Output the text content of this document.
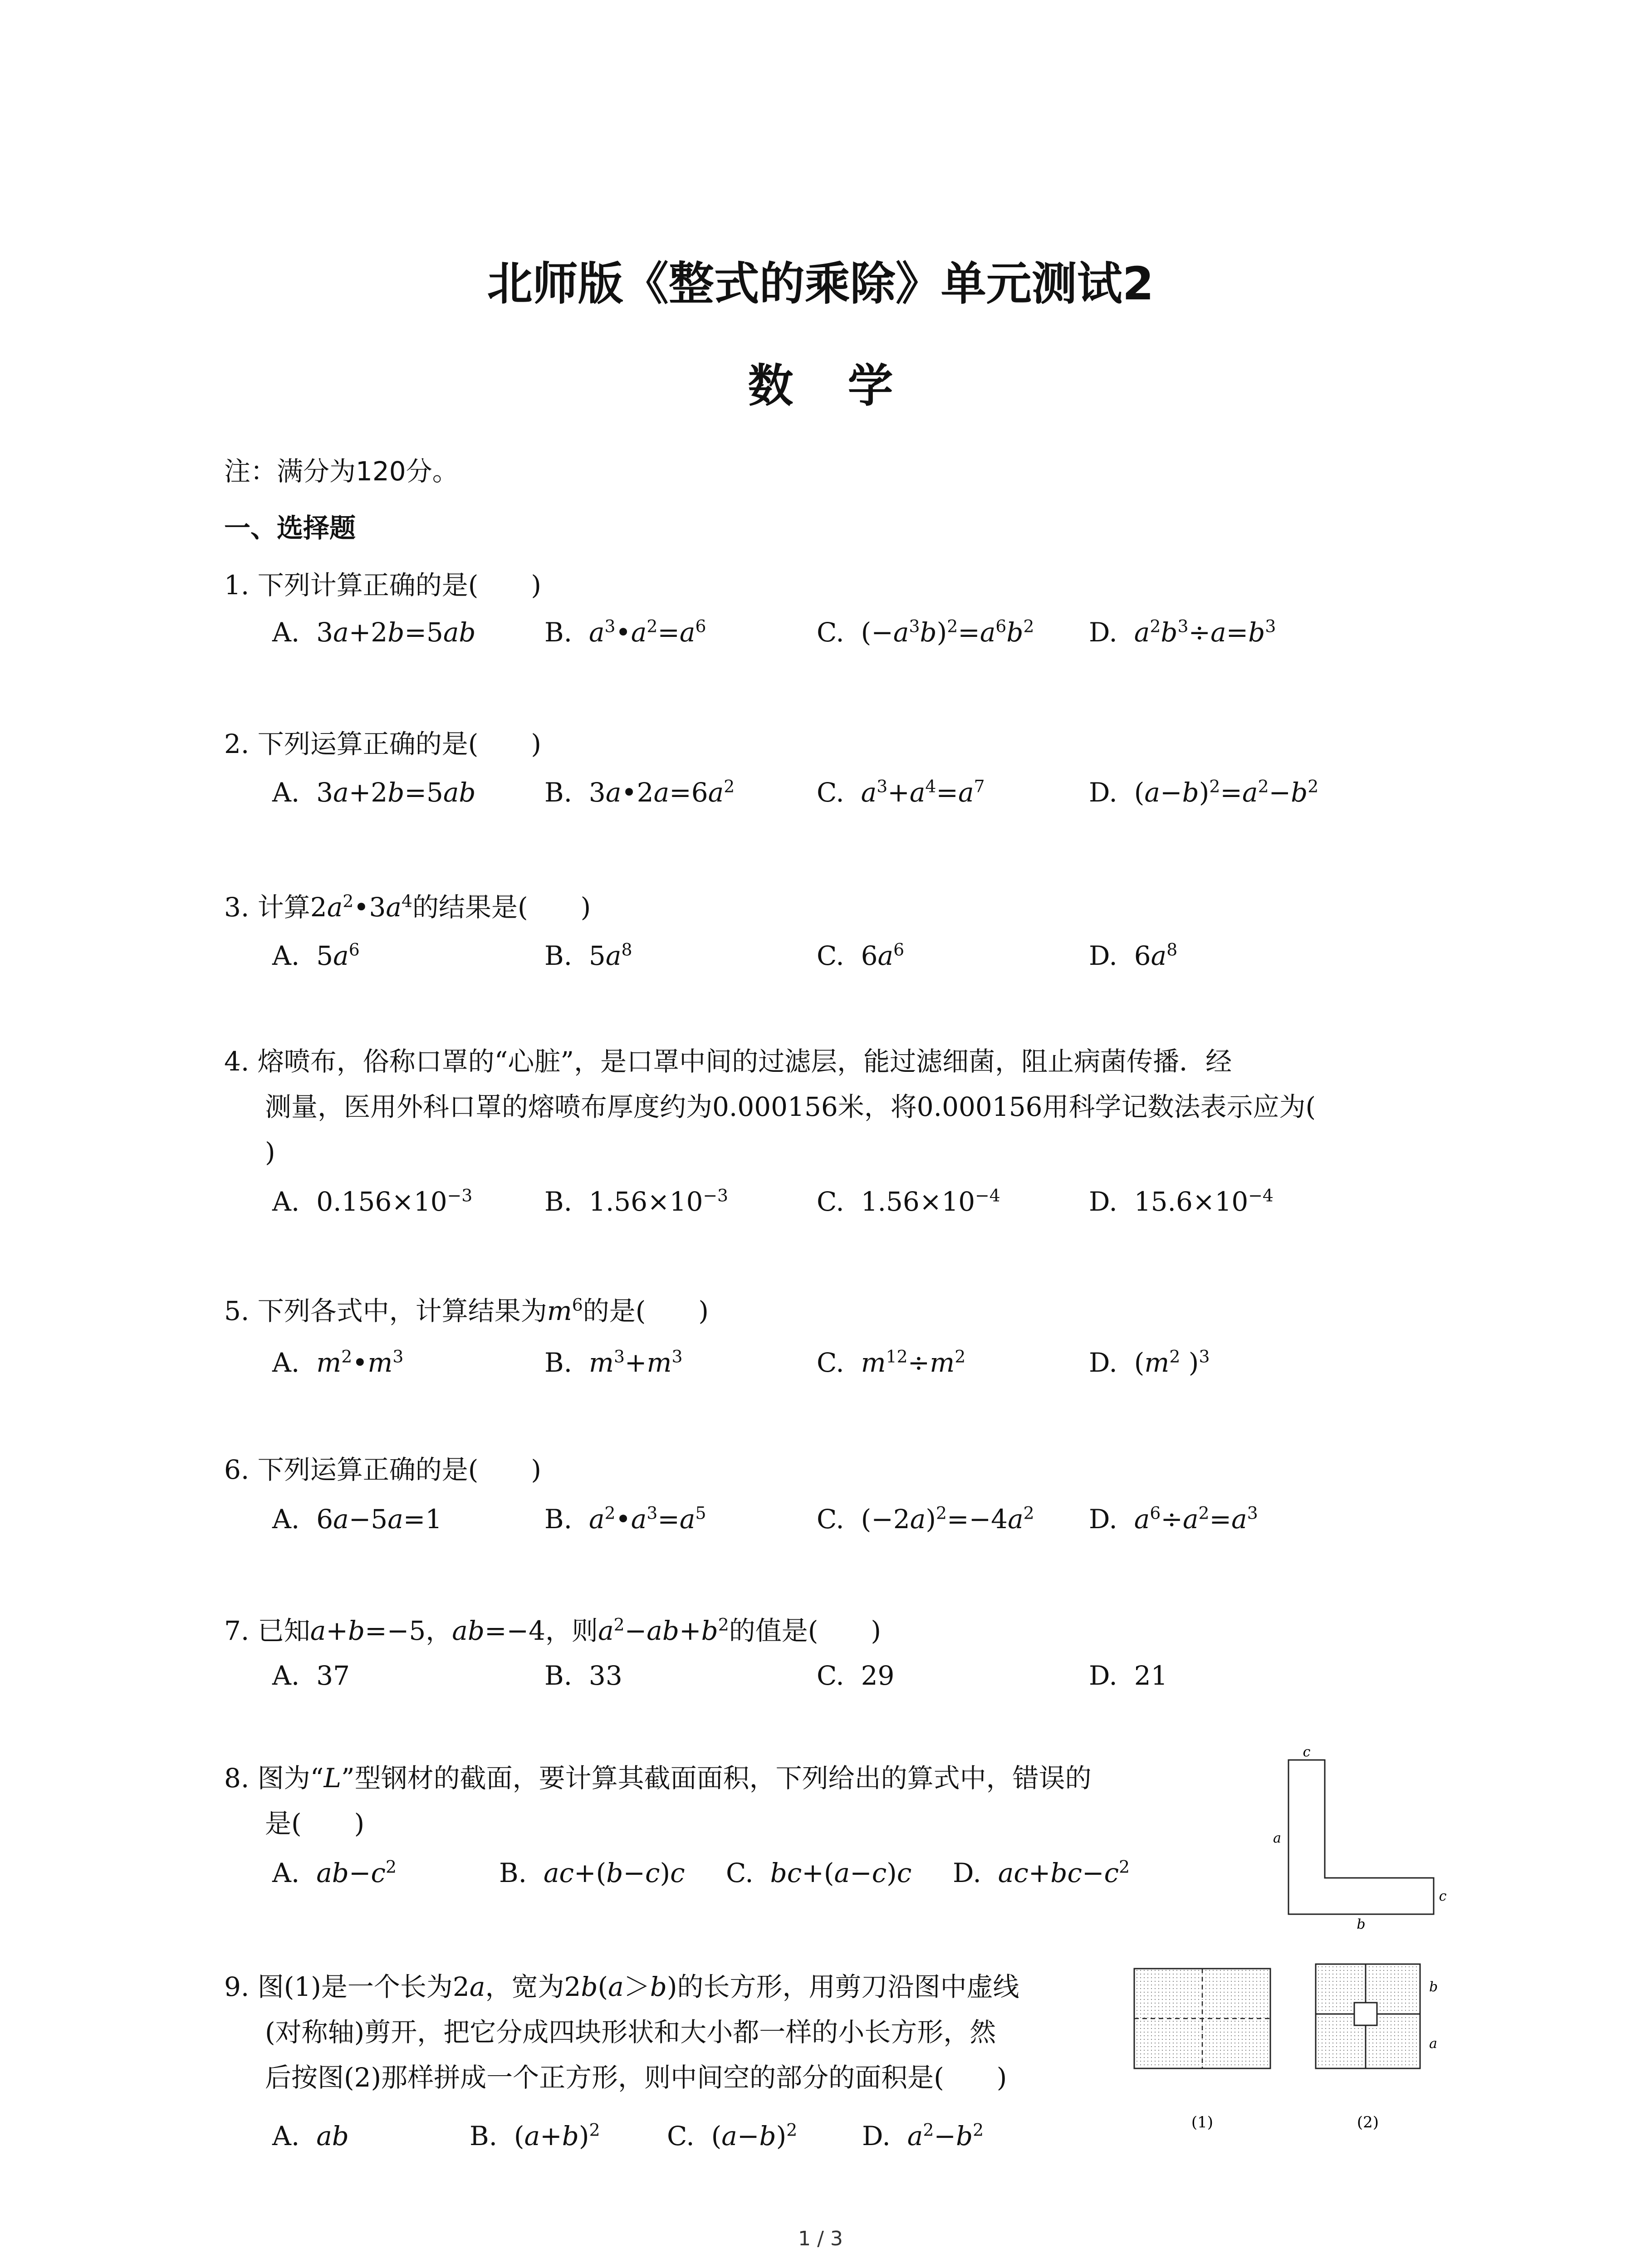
北师版《整式的乘除》单元测试2
数学
注：满分为120分。
一、选择题
1. 下列计算正确的是(　　)
A.  3a+2b=5ab	B. $a^3•a^2=a^6$	C.  $(-a^3b)^2=a^6b^2$ D. $a^2b^3\div a=b^3$
2. 下列运算正确的是(　　)
A.  3a+2b=5ab	B.  $3a•2a=6a^2$	C. $a^3+a^4=a^7$	D.  $(a-b)^2=a^2-b^2$
3. 计算$2a^2•3a^4$的结果是(　　)
A.  $5a^6$	B.  $5a^8$	C.  $6a^6$	D.  $6a^8$
4. 熔喷布，俗称口罩的“心脏”，是口罩中间的过滤层，能过滤细菌，阻止病菌传播．经
测量，医用外科口罩的熔喷布厚度约为0.000156米，将0.000156用科学记数法表示应为(
)
A.  $0.156\times 10^{-3}$	B.  $1.56\times 10^{-3}$	C.  $1.56\times 10^{-4}$	D.  $15.6\times 10^{-4}$
5. 下列各式中，计算结果为$m^6$的是(　　)
A. $m^2•m^3$	B. $m^3+m^3$	C. $m^{12}\div m^2$	D.  ($m^2$ )$^3$
6. 下列运算正确的是(　　)
A.  6a−5a=1	B. $a^2•a^3=a^5$	C.  $(-2a)^2=-4a^2$ D. $a^6\div a^2=a^3$
7. 已知a+b=−5，ab=−4，则$a^2-ab+b^2$的值是(　　)
A.  37	B.  33	C.  29	D.  21
8. 图为“L”型钢材的截面，要计算其截面面积，下列给出的算式中，错误的
是(　　)
A. $ab-c^2$	B. ac+(b−c)c C. bc+(a−c)c D. $ac+bc-c^2$
c
a
c
b
9. 图(1)是一个长为2a，宽为2b(a＞b)的长方形，用剪刀沿图中虚线
(对称轴)剪开，把它分成四块形状和大小都一样的小长方形，然
后按图(2)那样拼成一个正方形，则中间空的部分的面积是(　　)
A. ab	B.  $(a+b)^2$	C.  $(a-b)^2$ D. $a^2-b^2$	(1)
b
a
(2)
1 / 3
